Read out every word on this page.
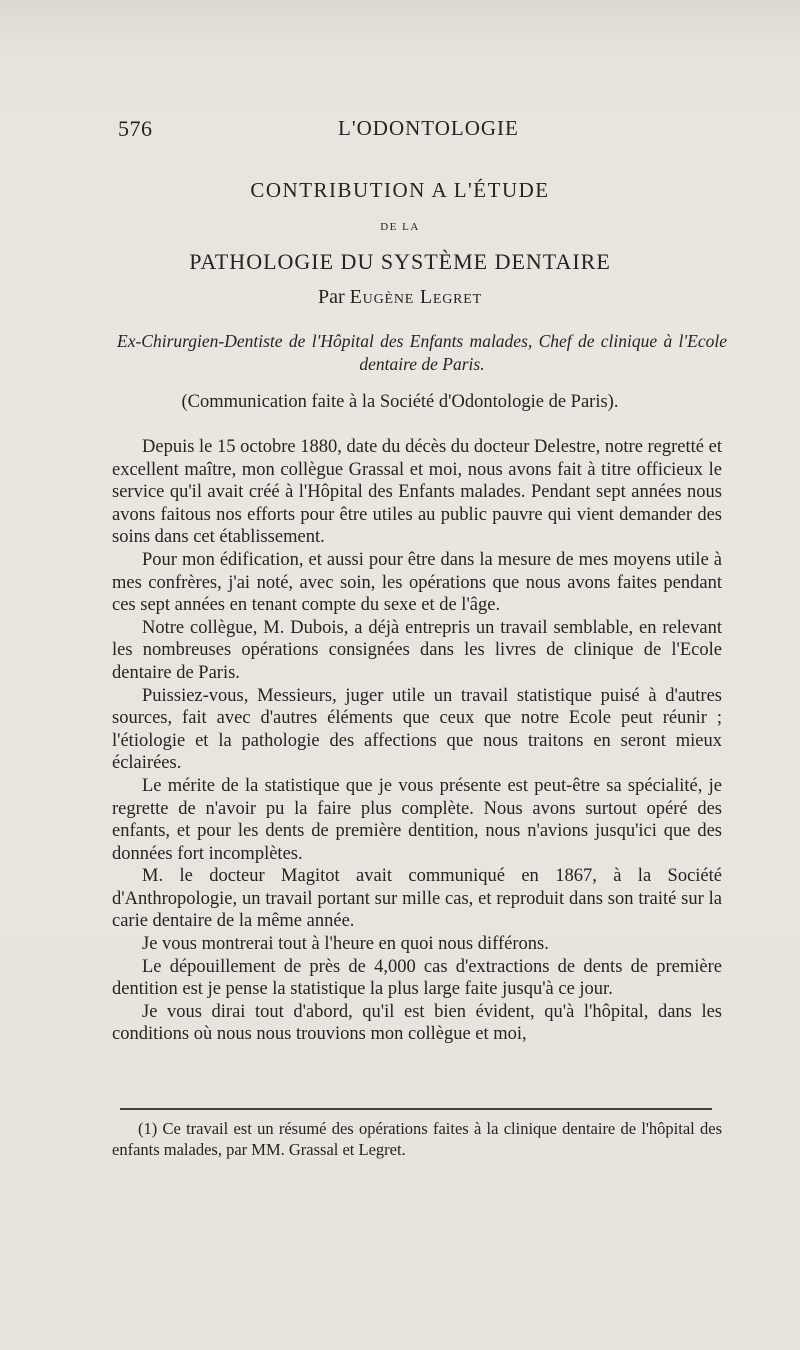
576	L'ODONTOLOGIE
CONTRIBUTION A L'ÉTUDE
DE LA
PATHOLOGIE DU SYSTÈME DENTAIRE
Par Eugène Legret

Ex-Chirurgien-Dentiste de l'Hôpital des Enfants malades, Chef de clinique à l'Ecole dentaire de Paris.

(Communication faite à la Société d'Odontologie de Paris).

Depuis le 15 octobre 1880, date du décès du docteur Delestre, notre regretté et excellent maître, mon collègue Grassal et moi, nous avons fait à titre officieux le service qu'il avait créé à l'Hôpital des Enfants malades. Pendant sept années nous avons faitous nos efforts pour être utiles au public pauvre qui vient demander des soins dans cet établissement.

Pour mon édification, et aussi pour être dans la mesure de mes moyens utile à mes confrères, j'ai noté, avec soin, les opérations que nous avons faites pendant ces sept années en tenant compte du sexe et de l'âge.

Notre collègue, M. Dubois, a déjà entrepris un travail semblable, en relevant les nombreuses opérations consignées dans les livres de clinique de l'Ecole dentaire de Paris.

Puissiez-vous, Messieurs, juger utile un travail statistique puisé à d'autres sources, fait avec d'autres éléments que ceux que notre Ecole peut réunir ; l'étiologie et la pathologie des affections que nous traitons en seront mieux éclairées.

Le mérite de la statistique que je vous présente est peut-être sa spécialité, je regrette de n'avoir pu la faire plus complète. Nous avons surtout opéré des enfants, et pour les dents de première dentition, nous n'avions jusqu'ici que des données fort incomplètes.

M. le docteur Magitot avait communiqué en 1867, à la Société d'Anthropologie, un travail portant sur mille cas, et reproduit dans son traité sur la carie dentaire de la même année.

Je vous montrerai tout à l'heure en quoi nous différons.

Le dépouillement de près de 4,000 cas d'extractions de dents de première dentition est je pense la statistique la plus large faite jusqu'à ce jour.

Je vous dirai tout d'abord, qu'il est bien évident, qu'à l'hôpital, dans les conditions où nous nous trouvions mon collègue et moi,

(1) Ce travail est un résumé des opérations faites à la clinique dentaire de l'hôpital des enfants malades, par MM. Grassal et Legret.
